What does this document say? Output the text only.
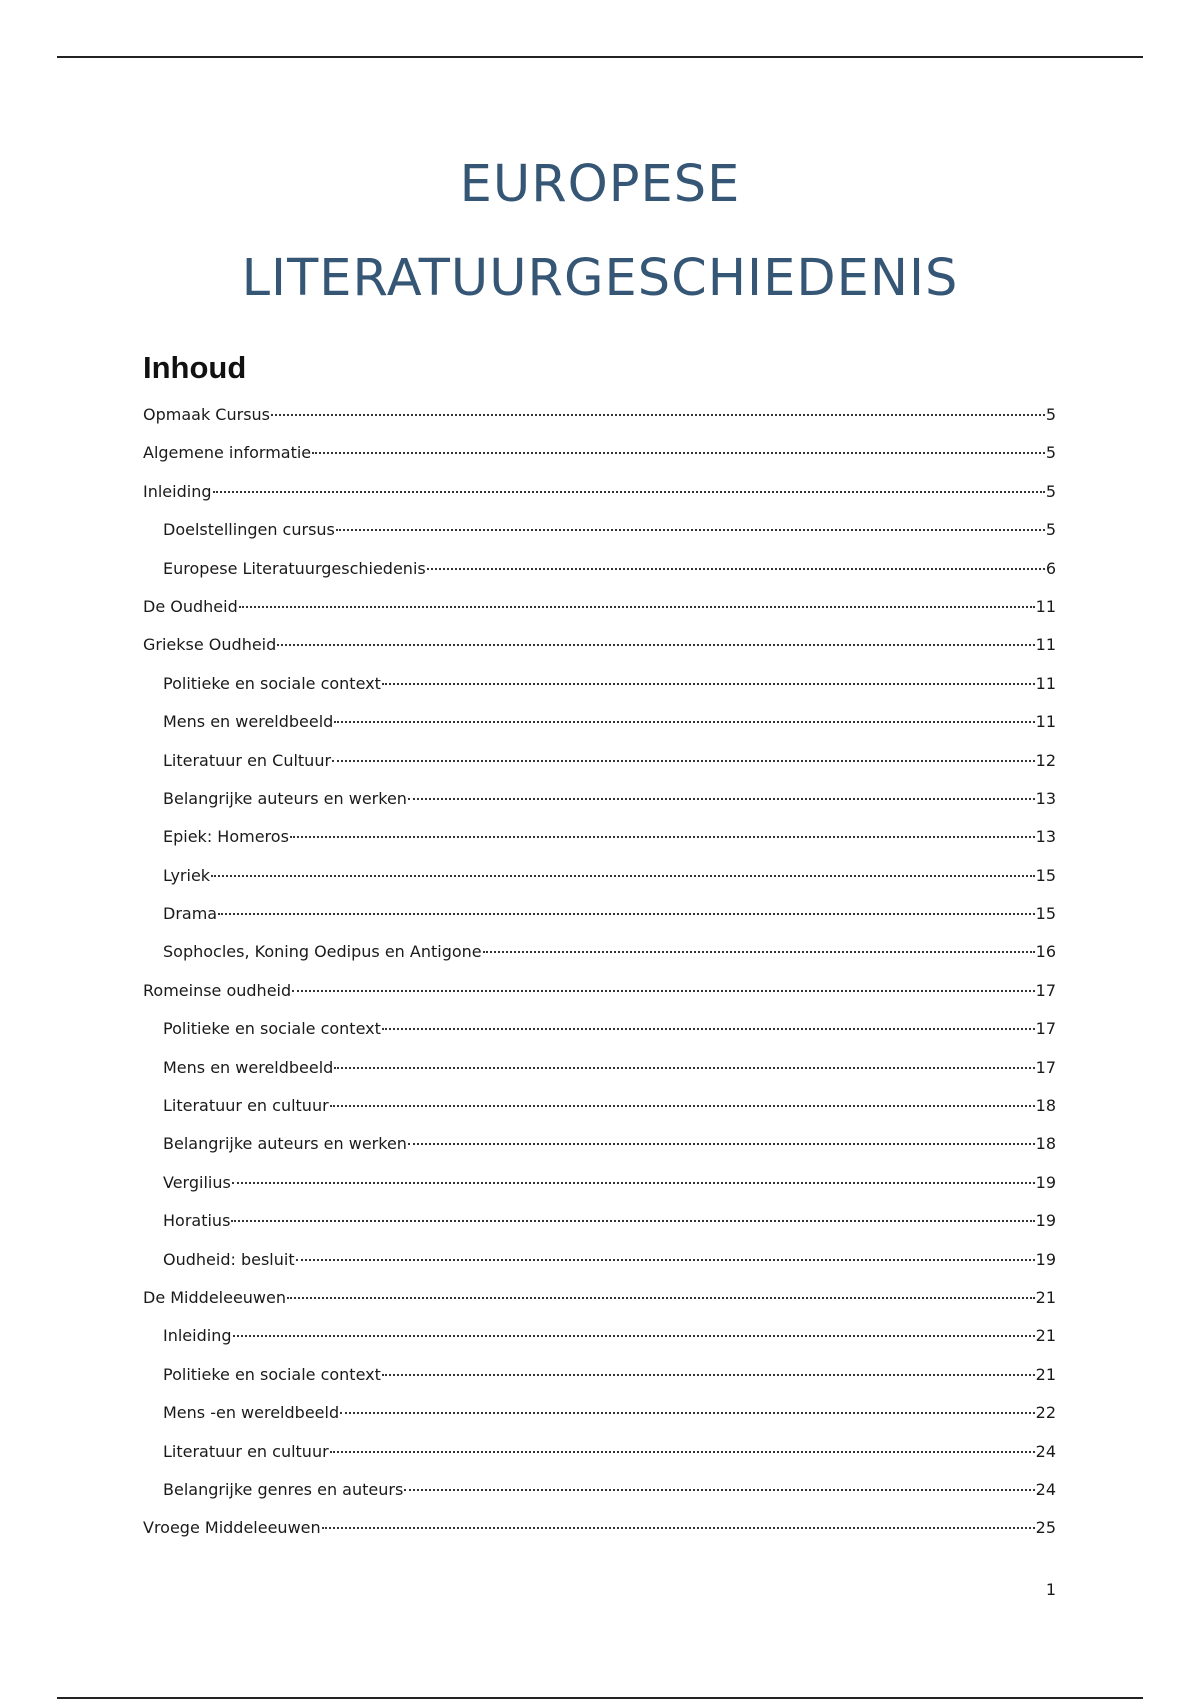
EUROPESE
LITERATUURGESCHIEDENIS
Inhoud
Opmaak Cursus	5
Algemene informatie	5
Inleiding	5
Doelstellingen cursus	5
Europese Literatuurgeschiedenis	6
De Oudheid	11
Griekse Oudheid	11
Politieke en sociale context	11
Mens en wereldbeeld	11
Literatuur en Cultuur	12
Belangrijke auteurs en werken	13
Epiek: Homeros	13
Lyriek	15
Drama	15
Sophocles, Koning Oedipus en Antigone	16
Romeinse oudheid	17
Politieke en sociale context	17
Mens en wereldbeeld	17
Literatuur en cultuur	18
Belangrijke auteurs en werken	18
Vergilius	19
Horatius	19
Oudheid: besluit	19
De Middeleeuwen	21
Inleiding	21
Politieke en sociale context	21
Mens -en wereldbeeld	22
Literatuur en cultuur	24
Belangrijke genres en auteurs	24
Vroege Middeleeuwen	25
1
